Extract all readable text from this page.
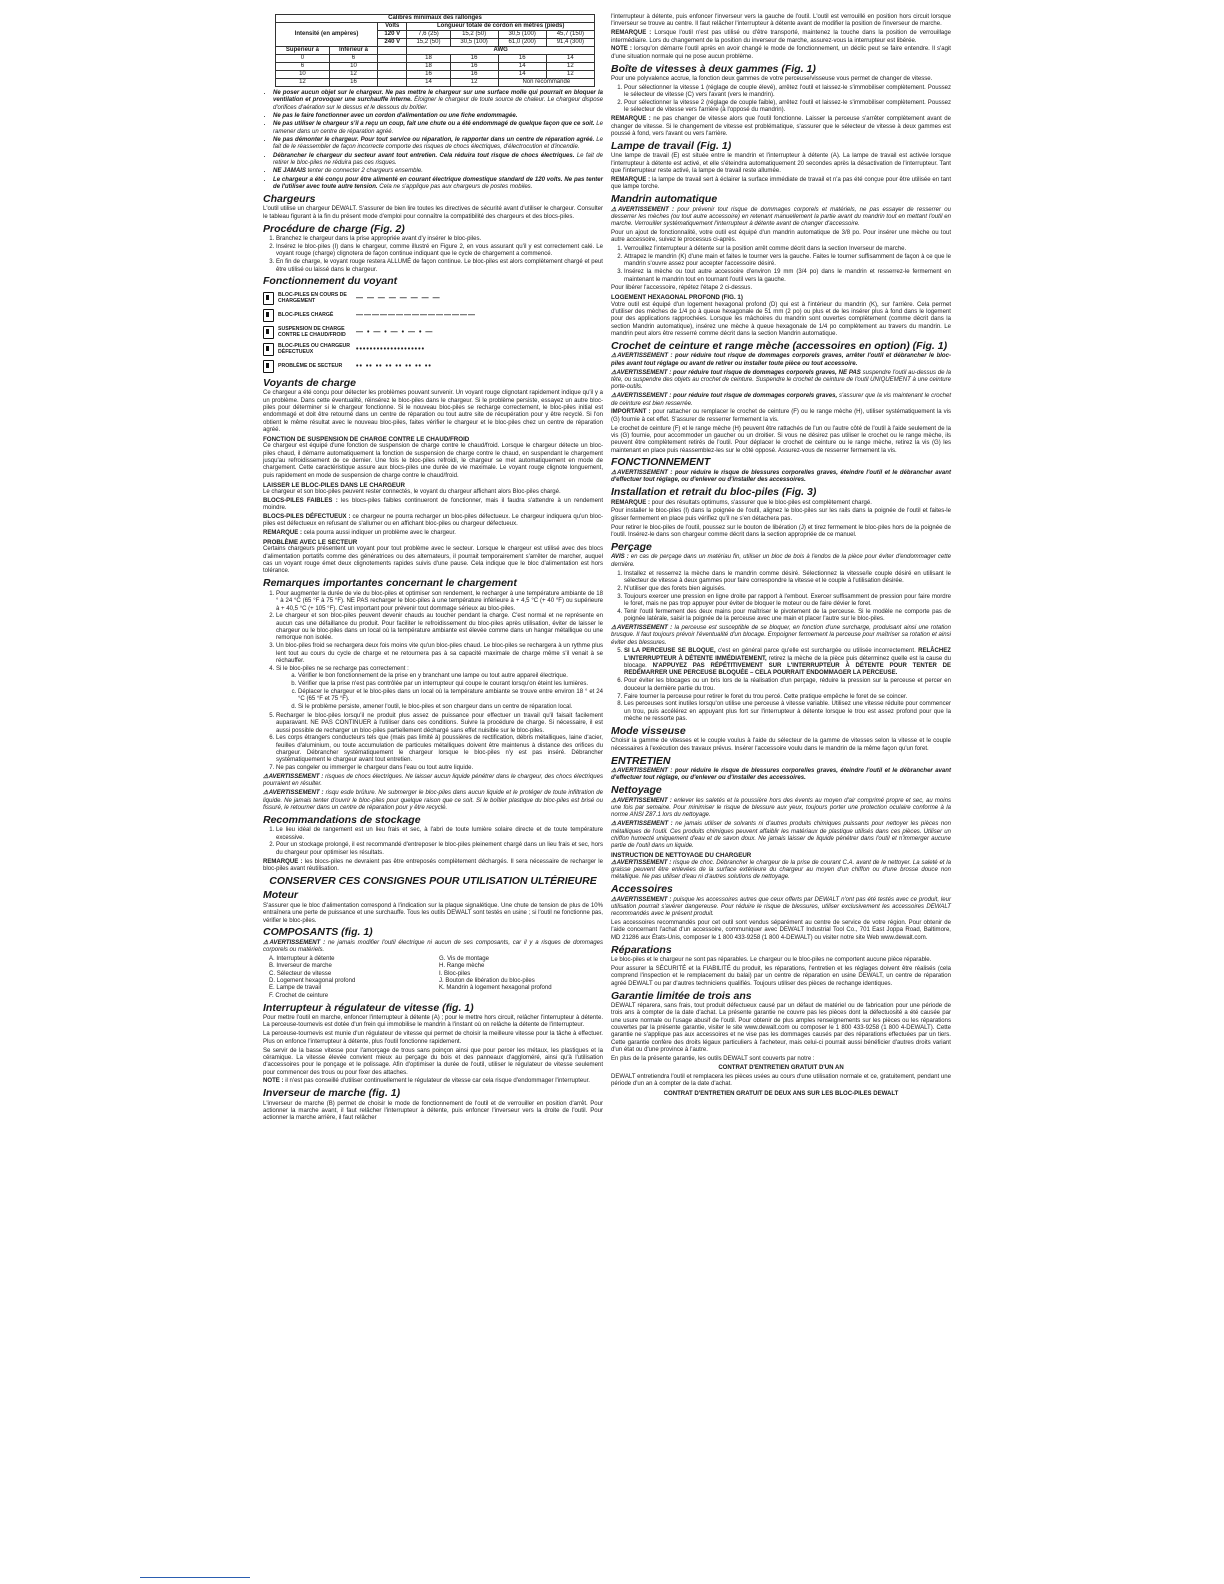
Calibres minimaux des rallonges						
Intensité (en ampères)		Volts	Longueur totale de cordon en mètres (pieds)			
		120 V	7,6 (25)	15,2 (50)	30,5 (100)	45,7 (150)
		240 V	15,2 (50)	30,5 (100)	61,0 (200)	91,4 (300)
Supérieur à	Inférieur à		AWG			
0	6		18	16	16	14
6	10		18	16	14	12
10	12		16	16	14	12
12	16		14	12	Non recommandé	
• Ne poser aucun objet sur le chargeur. Ne pas mettre le chargeur sur une surface molle qui pourrait en bloquer la ventilation et provoquer une surchauffe interne. Éloigner le chargeur de toute source de chaleur. Le chargeur dispose d'orifices d'aération sur le dessus et le dessous du boîtier.
• Ne pas le faire fonctionner avec un cordon d'alimentation ou une fiche endommagée.
• Ne pas utiliser le chargeur s'il a reçu un coup, fait une chute ou a été endommagé de quelque façon que ce soit. Le ramener dans un centre de réparation agréé.
• Ne pas démonter le chargeur. Pour tout service ou réparation, le rapporter dans un centre de réparation agréé. Le fait de le réassembler de façon incorrecte comporte des risques de chocs électriques, d'électrocution et d'incendie.
• Débrancher le chargeur du secteur avant tout entretien. Cela réduira tout risque de chocs électriques. Le fait de retirer le bloc-piles ne réduira pas ces risques.
• NE JAMAIS tenter de connecter 2 chargeurs ensemble.
• Le chargeur a été conçu pour être alimenté en courant électrique domestique standard de 120 volts. Ne pas tenter de l'utiliser avec toute autre tension. Cela ne s'applique pas aux chargeurs de postes mobiles.
Chargeurs

L'outil utilise un chargeur DEWALT. S'assurer de bien lire toutes les directives de sécurité avant d'utiliser le chargeur. Consulter le tableau figurant à la fin du présent mode d'emploi pour connaître la compatibilité des chargeurs et des blocs-piles.

Procédure de charge (Fig. 2)
1. Branchez le chargeur dans la prise appropriée avant d'y insérer le bloc-piles.
2. Insérez le bloc-piles (I) dans le chargeur, comme illustré en Figure 2, en vous assurant qu'il y est correctement calé. Le voyant rouge (charge) clignotera de façon continue indiquant que le cycle de chargement a commencé.
3. En fin de charge, le voyant rouge restera ALLUMÉ de façon continue. Le bloc-piles est alors complètement chargé et peut être utilisé ou laissé dans le chargeur.
Fonctionnement du voyant
BLOC-PILES EN COURS DE CHARGEMENT	— — — — — — — —
BLOC-PILES CHARGÉ	———————————————
SUSPENSION DE CHARGE CONTRE LE CHAUD/FROID	— • — • — • — • —
BLOC-PILES OU CHARGEUR DÉFECTUEUX	••••••••••••••••••••
PROBLÈME DE SECTEUR	•• •• •• •• •• •• •• ••
Voyants de charge

Ce chargeur a été conçu pour détecter les problèmes pouvant survenir. Un voyant rouge clignotant rapidement indique qu'il y a un problème. Dans cette éventualité, réinsérez le bloc-piles dans le chargeur. Si le problème persiste, essayez un autre bloc-piles pour déterminer si le chargeur fonctionne. Si le nouveau bloc-piles se recharge correctement, le bloc-piles initial est endommagé et doit être retourné dans un centre de réparation ou tout autre site de récupération pour y être recyclé. Si l'on obtient le même résultat avec le nouveau bloc-piles, faites vérifier le chargeur et le bloc-piles chez un centre de réparation agréé.

FONCTION DE SUSPENSION DE CHARGE CONTRE LE CHAUD/FROID

Ce chargeur est équipé d'une fonction de suspension de charge contre le chaud/froid. Lorsque le chargeur détecte un bloc-piles chaud, il démarre automatiquement la fonction de suspension de charge contre le chaud, en suspendant le chargement jusqu'au refroidissement de ce dernier. Une fois le bloc-piles refroidi, le chargeur se met automatiquement en mode de chargement. Cette caractéristique assure aux blocs-piles une durée de vie maximale. Le voyant rouge clignote longuement, puis rapidement en mode de suspension de charge contre le chaud/froid.

LAISSER LE BLOC-PILES DANS LE CHARGEUR

Le chargeur et son bloc-piles peuvent rester connectés, le voyant du chargeur affichant alors Bloc-piles chargé.

BLOCS-PILES FAIBLES : les blocs-piles faibles continueront de fonctionner, mais il faudra s'attendre à un rendement moindre.

BLOCS-PILES DÉFECTUEUX : ce chargeur ne pourra recharger un bloc-piles défectueux. Le chargeur indiquera qu'un bloc-piles est défectueux en refusant de s'allumer ou en affichant bloc-piles ou chargeur défectueux.

REMARQUE : cela pourra aussi indiquer un problème avec le chargeur.

PROBLÈME AVEC LE SECTEUR

Certains chargeurs présentent un voyant pour tout problème avec le secteur. Lorsque le chargeur est utilisé avec des blocs d'alimentation portatifs comme des génératrices ou des alternateurs, il pourrait temporairement s'arrêter de marcher, auquel cas un voyant rouge émet deux clignotements rapides suivis d'une pause. Cela indique que le bloc d'alimentation est hors tolérance.

Remarques importantes concernant le chargement
1. Pour augmenter la durée de vie du bloc-piles et optimiser son rendement, le recharger à une température ambiante de 18 ° à 24 °C (65 °F à 75 °F). NE PAS recharger le bloc-piles à une température inférieure à + 4,5 °C (+ 40 °F) ou supérieure à + 40,5 °C (+ 105 °F). C'est important pour prévenir tout dommage sérieux au bloc-piles.
2. Le chargeur et son bloc-piles peuvent devenir chauds au toucher pendant la charge. C'est normal et ne représente en aucun cas une défaillance du produit. Pour faciliter le refroidissement du bloc-piles après utilisation, éviter de laisser le chargeur ou le bloc-piles dans un local où la température ambiante est élevée comme dans un hangar métallique ou une remorque non isolée.
3. Un bloc-piles froid se rechargera deux fois moins vite qu'un bloc-piles chaud. Le bloc-piles se rechargera à un rythme plus lent tout au cours du cycle de charge et ne retournera pas à sa capacité maximale de charge même s'il venait à se réchauffer.
4. Si le bloc-piles ne se recharge pas correctement :
a. Vérifier le bon fonctionnement de la prise en y branchant une lampe ou tout autre appareil électrique.
b. Vérifier que la prise n'est pas contrôlée par un interrupteur qui coupe le courant lorsqu'on éteint les lumières.
c. Déplacer le chargeur et le bloc-piles dans un local où la température ambiante se trouve entre environ 18 ° et 24 °C (65 °F et 75 °F).
d. Si le problème persiste, amener l'outil, le bloc-piles et son chargeur dans un centre de réparation local.
5. Recharger le bloc-piles lorsqu'il ne produit plus assez de puissance pour effectuer un travail qu'il faisait facilement auparavant. NE PAS CONTINUER à l'utiliser dans ces conditions. Suivre la procédure de charge. Si nécessaire, il est aussi possible de recharger un bloc-piles partiellement déchargé sans effet nuisible sur le bloc-piles.
6. Les corps étrangers conducteurs tels que (mais pas limité à) poussières de rectification, débris métalliques, laine d'acier, feuilles d'aluminium, ou toute accumulation de particules métalliques doivent être maintenus à distance des orifices du chargeur. Débrancher systématiquement le chargeur lorsque le bloc-piles n'y est pas inséré. Débrancher systématiquement le chargeur avant tout entretien.
7. Ne pas congeler ou immerger le chargeur dans l'eau ou tout autre liquide.

⚠AVERTISSEMENT : risques de chocs électriques. Ne laisser aucun liquide pénétrer dans le chargeur, des chocs électriques pourraient en résulter.

⚠AVERTISSEMENT : risqu esde brûlure. Ne submerger le bloc-piles dans aucun liquide et le protéger de toute infiltration de liquide. Ne jamais tenter d'ouvrir le bloc-piles pour quelque raison que ce soit. Si le boîtier plastique du bloc-piles est brisé ou fissuré, le retourner dans un centre de réparation pour y être recyclé.

Recommandations de stockage
1. Le lieu idéal de rangement est un lieu frais et sec, à l'abri de toute lumière solaire directe et de toute température excessive.
2. Pour un stockage prolongé, il est recommandé d'entreposer le bloc-piles pleinement chargé dans un lieu frais et sec, hors du chargeur pour optimiser les résultats.

REMARQUE : les blocs-piles ne devraient pas être entreposés complètement déchargés. Il sera nécessaire de recharger le bloc-piles avant réutilisation.

CONSERVER CES CONSIGNES POUR UTILISATION ULTÉRIEURE
Moteur

S'assurer que le bloc d'alimentation correspond à l'indication sur la plaque signalétique. Une chute de tension de plus de 10% entraînera une perte de puissance et une surchauffe. Tous les outils DEWALT sont testés en usine ; si l'outil ne fonctionne pas, vérifier le bloc-piles.

COMPOSANTS (fig. 1)

⚠AVERTISSEMENT : ne jamais modifier l'outil électrique ni aucun de ses composants, car il y a risques de dommages corporels ou matériels.

A. Interrupteur à détente	G. Vis de montage
B. Inverseur de marche	H. Range mèche
C. Sélecteur de vitesse	I. Bloc-piles
D. Logement hexagonal profond	J. Bouton de libération du bloc-piles
E. Lampe de travail	K. Mandrin à logement hexagonal profond
F. Crochet de ceinture
Interrupteur à régulateur de vitesse (fig. 1)

Pour mettre l'outil en marche, enfoncer l'interrupteur à détente (A) ; pour le mettre hors circuit, relâcher l'interrupteur à détente. La perceuse-tournevis est dotée d'un frein qui immobilise le mandrin à l'instant où on relâche la détente de l'interrupteur.

La perceuse-tournevis est munie d'un régulateur de vitesse qui permet de choisir la meilleure vitesse pour la tâche à effectuer. Plus on enfonce l'interrupteur à détente, plus l'outil fonctionne rapidement.

Se servir de la basse vitesse pour l'amorçage de trous sans poinçon ainsi que pour percer les métaux, les plastiques et la céramique. La vitesse élevée convient mieux au perçage du bois et des panneaux d'aggloméré, ainsi qu'à l'utilisation d'accessoires pour le ponçage et le polissage. Afin d'optimiser la durée de l'outil, utiliser le régulateur de vitesse seulement pour commencer des trous ou pour fixer des attaches.

NOTE : il n'est pas conseillé d'utiliser continuellement le régulateur de vitesse car cela risque d'endommager l'interrupteur.

Inverseur de marche (fig. 1)

L'inverseur de marche (B) permet de choisir le mode de fonctionnement de l'outil et de verrouiller en position d'arrêt. Pour actionner la marche avant, il faut relâcher l'interrupteur à détente, puis enfoncer l'inverseur vers la droite de l'outil. Pour actionner la marche arrière, il faut relâcher

l'interrupteur à détente, puis enfoncer l'inverseur vers la gauche de l'outil. L'outil est verrouillé en position hors circuit lorsque l'inverseur se trouve au centre. Il faut relâcher l'interrupteur à détente avant de modifier la position de l'inverseur de marche.

REMARQUE : Lorsque l'outil n'est pas utilisé ou d'être transporté, maintenez la touche dans la position de verrouillage intermédiaire. Lors du changement de la position du inverseur de marche, assurez-vous la interrupteur est libérée.

NOTE : lorsqu'on démarre l'outil après en avoir changé le mode de fonctionnement, un déclic peut se faire entendre. Il s'agit d'une situation normale qui ne pose aucun problème.

Boîte de vitesses à deux gammes (Fig. 1)

Pour une polyvalence accrue, la fonction deux gammes de votre perceuse/visseuse vous permet de changer de vitesse.

1. Pour sélectionner la vitesse 1 (réglage de couple élevé), arrêtez l'outil et laissez-le s'immobiliser complètement. Poussez le sélecteur de vitesse (C) vers l'avant (vers le mandrin).
2. Pour sélectionner la vitesse 2 (réglage de couple faible), arrêtez l'outil et laissez-le s'immobiliser complètement. Poussez le sélecteur de vitesse vers l'arrière (à l'opposé du mandrin).

REMARQUE : ne pas changer de vitesse alors que l'outil fonctionne. Laisser la perceuse s'arrêter complètement avant de changer de vitesse. Si le changement de vitesse est problématique, s'assurer que le sélecteur de vitesse à deux gammes est poussé à fond, vers l'avant ou vers l'arrière.

Lampe de travail (Fig. 1)

Une lampe de travail (E) est située entre le mandrin et l'interrupteur à détente (A). La lampe de travail est activée lorsque l'interrupteur à détente est activé, et elle s'éteindra automatiquement 20 secondes après la désactivation de l'interrupteur. Tant que l'interrupteur reste activé, la lampe de travail reste allumée.

REMARQUE : la lampe de travail sert à éclairer la surface immédiate de travail et n'a pas été conçue pour être utilisée en tant que lampe torche.

Mandrin automatique

⚠AVERTISSEMENT : pour prévenir tout risque de dommages corporels et matériels, ne pas essayer de resserrer ou desserrer les mèches (ou tout autre accessoire) en retenant manuellement la partie avant du mandrin tout en mettant l'outil en marche. Verrouiller systématiquement l'interrupteur à détente avant de changer d'accessoire.

Pour un ajout de fonctionnalité, votre outil est équipé d'un mandrin automatique de 3/8 po. Pour insérer une mèche ou tout autre accessoire, suivez le processus ci-après.

1. Verrouillez l'interrupteur à détente sur la position arrêt comme décrit dans la section Inverseur de marche.
2. Attrapez le mandrin (K) d'une main et faites le tourner vers la gauche. Faites le tourner suffisamment de façon à ce que le mandrin s'ouvre assez pour accepter l'accessoire désiré.
3. Insérez la mèche ou tout autre accessoire d'environ 19 mm (3/4 po) dans le mandrin et resserrez-le fermement en maintenant le mandrin tout en tournant l'outil vers la gauche.

Pour libérer l'accessoire, répétez l'étape 2 ci-dessus.

LOGEMENT HEXAGONAL PROFOND (FIG. 1)

Votre outil est équipé d'un logement hexagonal profond (D) qui est à l'intérieur du mandrin (K), sur l'arrière. Cela permet d'utiliser des mèches de 1/4 po à queue hexagonale de 51 mm (2 po) ou plus et de les insérer plus à fond dans le logement pour des applications rapprochées. Lorsque les mâchoires du mandrin sont ouvertes complètement (comme décrit dans la section Mandrin automatique), insérez une mèche à queue hexagonale de 1/4 po complètement au travers du mandrin. Le mandrin peut alors être resserré comme décrit dans la section Mandrin automatique.

Crochet de ceinture et range mèche (accessoires en option) (Fig. 1)

⚠AVERTISSEMENT : pour réduire tout risque de dommages corporels graves, arrêter l'outil et débrancher le bloc-piles avant tout réglage ou avant de retirer ou installer toute pièce ou tout accessoire.

⚠AVERTISSEMENT : pour réduire tout risque de dommages corporels graves, NE PAS suspendre l'outil au-dessus de la tête, ou suspendre des objets au crochet de ceinture. Suspendre le crochet de ceinture de l'outil UNIQUEMENT à une ceinture porte-outils.

⚠AVERTISSEMENT : pour réduire tout risque de dommages corporels graves, s'assurer que la vis maintenant le crochet de ceinture est bien resserrée.

IMPORTANT : pour rattacher ou remplacer le crochet de ceinture (F) ou le range mèche (H), utiliser systématiquement la vis (G) fournie à cet effet. S'assurer de resserrer fermement la vis.

Le crochet de ceinture (F) et le range mèche (H) peuvent être rattachés de l'un ou l'autre côté de l'outil à l'aide seulement de la vis (G) fournie, pour accommoder un gaucher ou un droitier. Si vous ne désirez pas utiliser le crochet ou le range mèche, ils peuvent être complètement retirés de l'outil. Pour déplacer le crochet de ceinture ou le range mèche, retirez la vis (G) les maintenant en place puis réassemblez-les sur le côté opposé. Assurez-vous de resserrer fermement la vis.

FONCTIONNEMENT

⚠AVERTISSEMENT : pour réduire le risque de blessures corporelles graves, éteindre l'outil et le débrancher avant d'effectuer tout réglage, ou d'enlever ou d'installer des accessoires.

Installation et retrait du bloc-piles (Fig. 3)

REMARQUE : pour des résultats optimums, s'assurer que le bloc-piles est complètement chargé.

Pour installer le bloc-piles (I) dans la poignée de l'outil, alignez le bloc-piles sur les rails dans la poignée de l'outil et faites-le glisser fermement en place puis vérifiez qu'il ne s'en détachera pas.

Pour retirer le bloc-piles de l'outil, poussez sur le bouton de libération (J) et tirez fermement le bloc-piles hors de la poignée de l'outil. Insérez-le dans son chargeur comme décrit dans la section appropriée de ce manuel.

Perçage

AVIS : en cas de perçage dans un matériau fin, utiliser un bloc de bois à l'endos de la pièce pour éviter d'endommager cette dernière.

1. Installez et resserrez la mèche dans le mandrin comme désiré. Sélectionnez la vitesse/le couple désiré en utilisant le sélecteur de vitesse à deux gammes pour faire correspondre la vitesse et le couple à l'utilisation désirée.
2. N'utiliser que des forets bien aiguisés.
3. Toujours exercer une pression en ligne droite par rapport à l'embout. Exercer suffisamment de pression pour faire mordre le foret, mais ne pas trop appuyer pour éviter de bloquer le moteur ou de faire dévier le foret.
4. Tenir l'outil fermement des deux mains pour maîtriser le pivotement de la perceuse. Si le modèle ne comporte pas de poignée latérale, saisir la poignée de la perceuse avec une main et placer l'autre sur le bloc-piles.

⚠AVERTISSEMENT : la perceuse est susceptible de se bloquer, en fonction d'une surcharge, produisant ainsi une rotation brusque. Il faut toujours prévoir l'éventualité d'un blocage. Empoigner fermement la perceuse pour maîtriser sa rotation et ainsi éviter des blessures.

5. SI LA PERCEUSE SE BLOQUE, c'est en général parce qu'elle est surchargée ou utilisée incorrectement. RELÂCHEZ L'INTERRUPTEUR À DÉTENTE IMMÉDIATEMENT, retirez la mèche de la pièce puis déterminez quelle est la cause du blocage. N'APPUYEZ PAS RÉPÉTITIVEMENT SUR L'INTERRUPTEUR À DÉTENTE POUR TENTER DE REDÉMARRER UNE PERCEUSE BLOQUÉE – CELA POURRAIT ENDOMMAGER LA PERCEUSE.
6. Pour éviter les blocages ou un bris lors de la réalisation d'un perçage, réduire la pression sur la perceuse et percer en douceur la dernière partie du trou.
7. Faire tourner la perceuse pour retirer le foret du trou percé. Cette pratique empêche le foret de se coincer.
8. Les perceuses sont inutiles lorsqu'on utilise une perceuse à vitesse variable. Utilisez une vitesse réduite pour commencer un trou, puis accélérez en appuyant plus fort sur l'interrupteur à détente lorsque le trou est assez profond pour que la mèche ne ressorte pas.
Mode visseuse

Choisir la gamme de vitesses et le couple voulus à l'aide du sélecteur de la gamme de vitesses selon la vitesse et le couple nécessaires à l'exécution des travaux prévus. Insérer l'accessoire voulu dans le mandrin de la même façon qu'un foret.

ENTRETIEN

⚠AVERTISSEMENT : pour réduire le risque de blessures corporelles graves, éteindre l'outil et le débrancher avant d'effectuer tout réglage, ou d'enlever ou d'installer des accessoires.

Nettoyage

⚠AVERTISSEMENT : enlever les saletés et la poussière hors des évents au moyen d'air comprimé propre et sec, au moins une fois par semaine. Pour minimiser le risque de blessure aux yeux, toujours porter une protection oculaire conforme à la norme ANSI Z87.1 lors du nettoyage.

⚠AVERTISSEMENT : ne jamais utiliser de solvants ni d'autres produits chimiques puissants pour nettoyer les pièces non métalliques de l'outil. Ces produits chimiques peuvent affaiblir les matériaux de plastique utilisés dans ces pièces. Utiliser un chiffon humecté uniquement d'eau et de savon doux. Ne jamais laisser de liquide pénétrer dans l'outil et n'immerger aucune partie de l'outil dans un liquide.

INSTRUCTION DE NETTOYAGE DU CHARGEUR

⚠AVERTISSEMENT : risque de choc. Débrancher le chargeur de la prise de courant C.A. avant de le nettoyer. La saleté et la graisse peuvent être enlevées de la surface extérieure du chargeur au moyen d'un chiffon ou d'une brosse douce non métallique. Ne pas utiliser d'eau ni d'autres solutions de nettoyage.

Accessoires

⚠AVERTISSEMENT : puisque les accessoires autres que ceux offerts par DEWALT n'ont pas été testés avec ce produit, leur utilisation pourrait s'avérer dangereuse. Pour réduire le risque de blessures, utiliser exclusivement les accessoires DEWALT recommandés avec le présent produit.

Les accessoires recommandés pour cet outil sont vendus séparément au centre de service de votre région. Pour obtenir de l'aide concernant l'achat d'un accessoire, communiquer avec DEWALT Industrial Tool Co., 701 East Joppa Road, Baltimore, MD 21286 aux États-Unis, composer le 1 800 433-9258 (1 800 4-DEWALT) ou visiter notre site Web www.dewalt.com.

Réparations

Le bloc-piles et le chargeur ne sont pas réparables. Le chargeur ou le bloc-piles ne comportent aucune pièce réparable.

Pour assurer la SÉCURITÉ et la FIABILITÉ du produit, les réparations, l'entretien et les réglages doivent être réalisés (cela comprend l'inspection et le remplacement du balai) par un centre de réparation en usine DEWALT, un centre de réparation agréé DEWALT ou par d'autres techniciens qualifiés. Toujours utiliser des pièces de rechange identiques.

Garantie limitée de trois ans

DEWALT réparera, sans frais, tout produit défectueux causé par un défaut de matériel ou de fabrication pour une période de trois ans à compter de la date d'achat. La présente garantie ne couvre pas les pièces dont la défectuosité a été causée par une usure normale ou l'usage abusif de l'outil. Pour obtenir de plus amples renseignements sur les pièces ou les réparations couvertes par la présente garantie, visiter le site www.dewalt.com ou composer le 1 800 433-9258 (1 800 4-DEWALT). Cette garantie ne s'applique pas aux accessoires et ne vise pas les dommages causés par des réparations effectuées par un tiers. Cette garantie confère des droits légaux particuliers à l'acheteur, mais celui-ci pourrait aussi bénéficier d'autres droits variant d'un état ou d'une province à l'autre.

En plus de la présente garantie, les outils DEWALT sont couverts par notre :

CONTRAT D'ENTRETIEN GRATUIT D'UN AN

DEWALT entretiendra l'outil et remplacera les pièces usées au cours d'une utilisation normale et ce, gratuitement, pendant une période d'un an à compter de la date d'achat.

CONTRAT D'ENTRETIEN GRATUIT DE DEUX ANS SUR LES BLOC-PILES DEWALT
